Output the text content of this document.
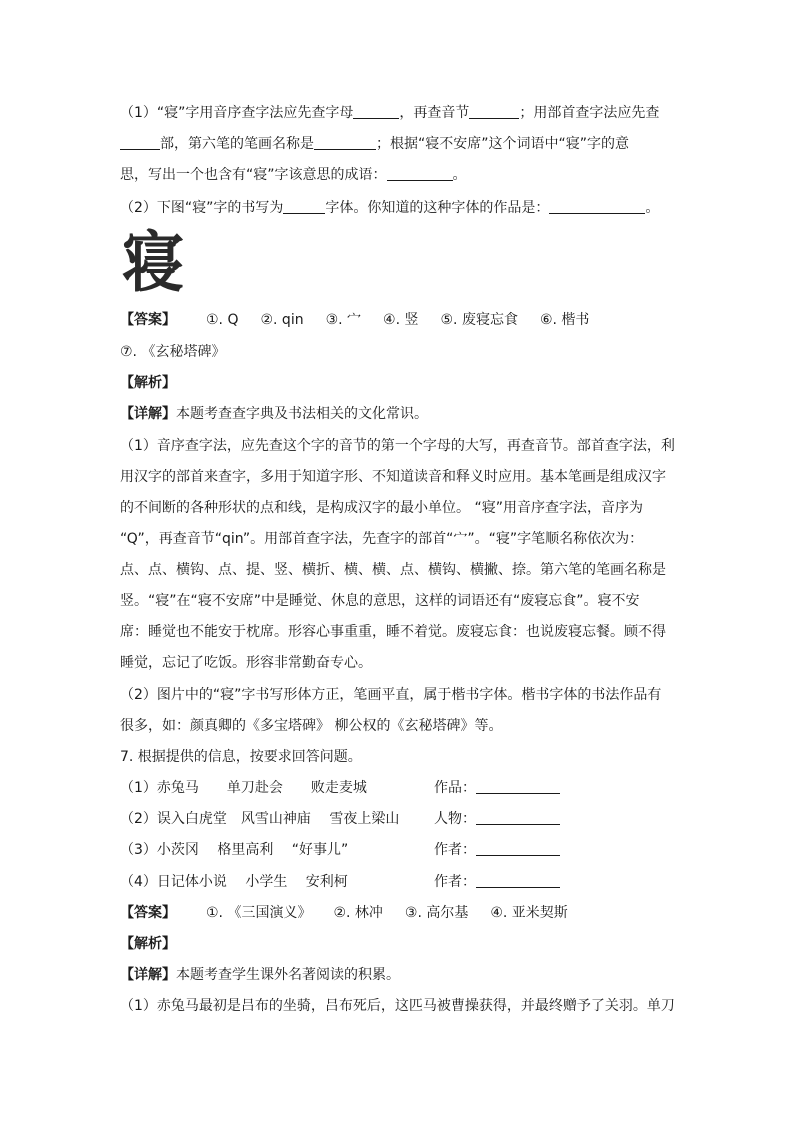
（1）“寝”字用音序查字法应先查字母	，再查音节	；用部首查字法应先查
部，第六笔的笔画名称是	；根据“寝不安席”这个词语中“寝”字的意
思，写出一个也含有“寝”字该意思的成语：	。
（2）下图“寝”字的书写为	字体。你知道的这种字体的作品是：	。
寝
【答案】 ①. Q ②. qin ③. 宀 ④. 竖 ⑤. 废寝忘食 ⑥. 楷书
⑦. 《玄秘塔碑》
【解析】
【详解】本题考查查字典及书法相关的文化常识。
（1）音序查字法，应先查这个字的音节的第一个字母的大写，再查音节。部首查字法，利
用汉字的部首来查字，多用于知道字形、不知道读音和释义时应用。基本笔画是组成汉字
的不间断的各种形状的点和线，是构成汉字的最小单位。 “寝”用音序查字法，音序为
“Q”，再查音节“qin”。用部首查字法，先查字的部首“宀”。“寝”字笔顺名称依次为：
点、点、横钩、点、提、竖、横折、横、横、点、横钩、横撇、捺。第六笔的笔画名称是
竖。“寝”在“寝不安席”中是睡觉、休息的意思，这样的词语还有“废寝忘食”。寝不安
席：睡觉也不能安于枕席。形容心事重重，睡不着觉。废寝忘食：也说废寝忘餐。顾不得
睡觉，忘记了吃饭。形容非常勤奋专心。
（2）图片中的“寝”字书写形体方正，笔画平直，属于楷书字体。楷书字体的书法作品有
很多，如：颜真卿的《多宝塔碑》 柳公权的《玄秘塔碑》等。
7. 根据提供的信息，按要求回答问题。
（1）赤兔马　　单刀赴会　　败走麦城	作品：
（2）误入白虎堂　风雪山神庙　 雪夜上梁山 人物：
（3）小茨冈　 格里高利　 “好事儿”	作者：
（4）日记体小说　 小学生　 安利柯	作者：
【答案】 ①. 《三国演义》 ②. 林冲 ③. 高尔基 ④. 亚米契斯
【解析】
【详解】本题考查学生课外名著阅读的积累。
（1）赤兔马最初是吕布的坐骑，吕布死后，这匹马被曹操获得，并最终赠予了关羽。单刀
